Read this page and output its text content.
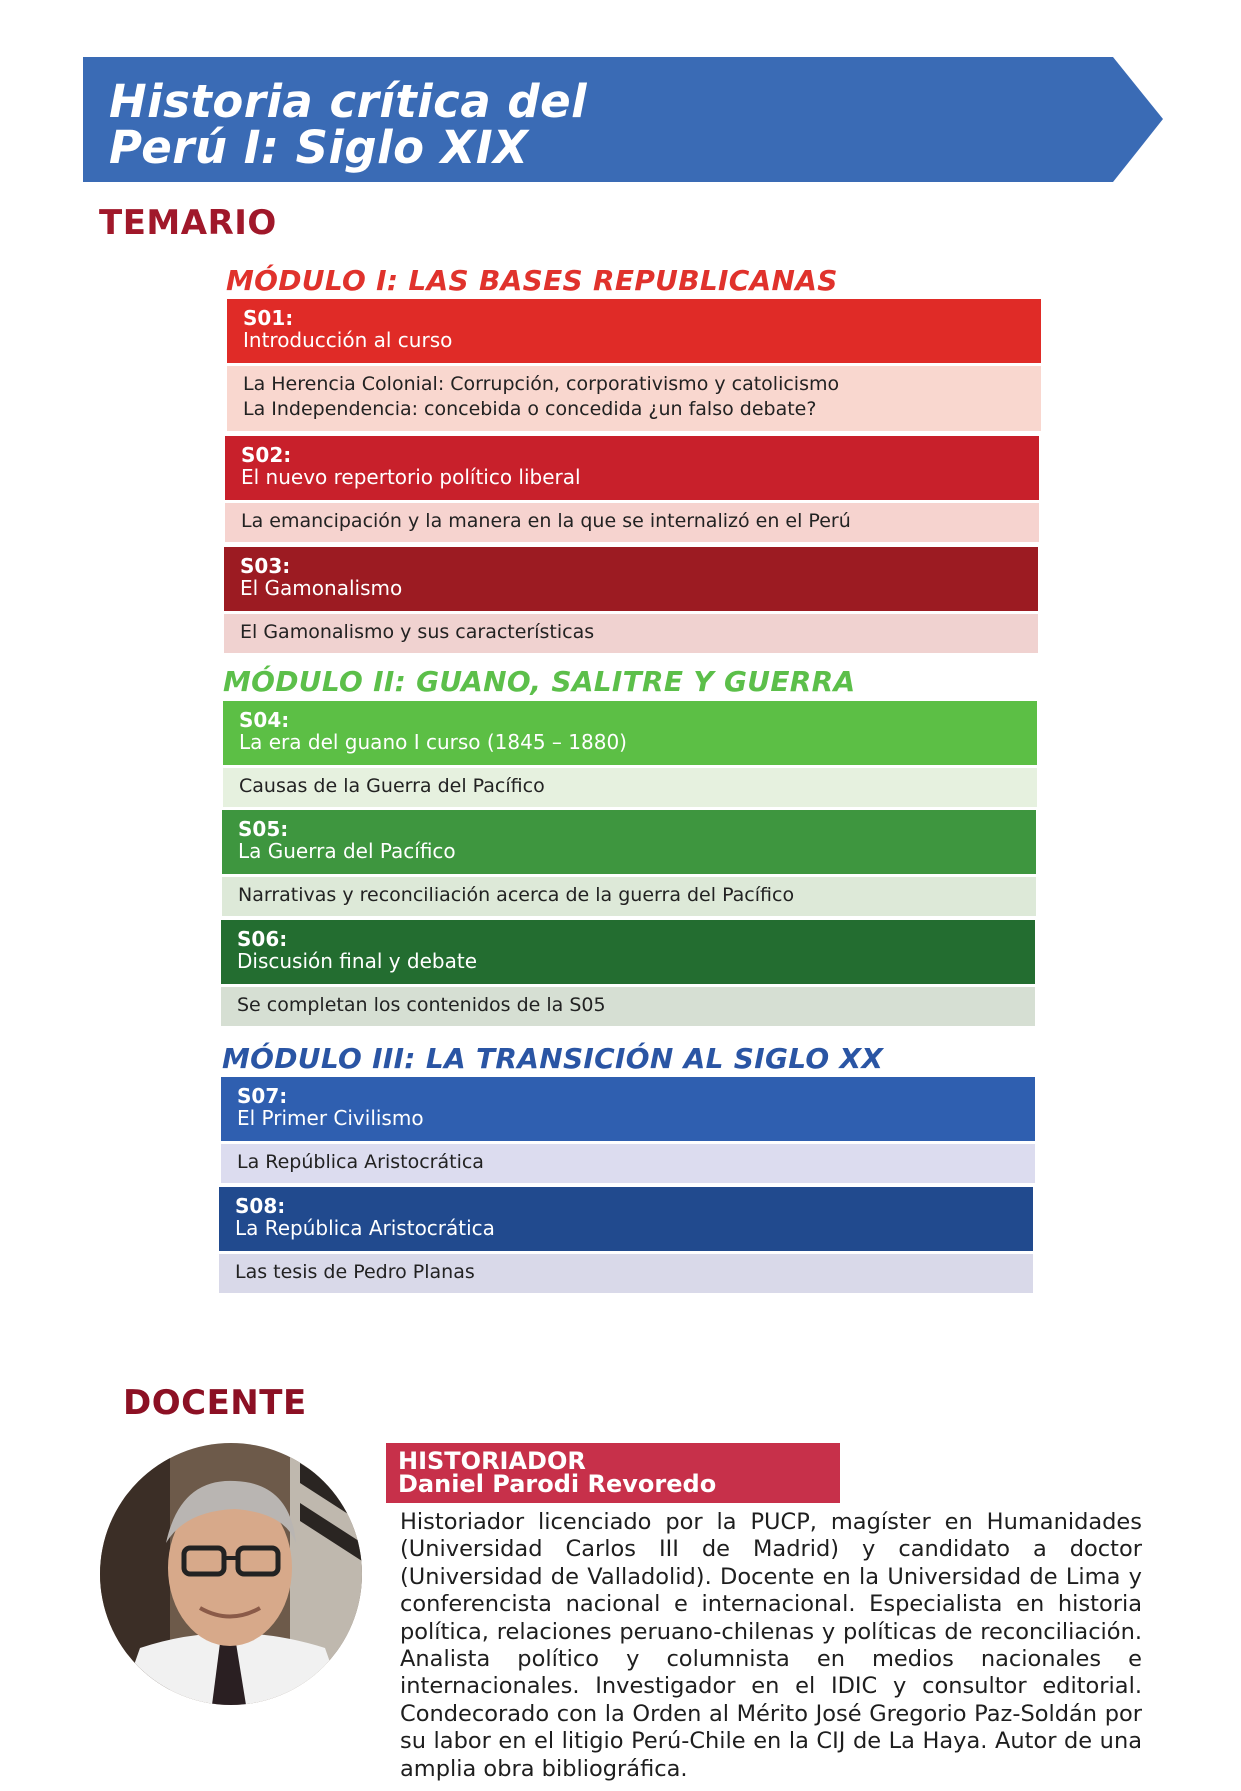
Historia crítica del
Perú I: Siglo XIX
TEMARIO
MÓDULO I: LAS BASES REPUBLICANAS
S01:
Introducción al curso
La Herencia Colonial: Corrupción, corporativismo y catolicismo
La Independencia: concebida o concedida ¿un falso debate?
S02:
El nuevo repertorio político liberal
La emancipación y la manera en la que se internalizó en el Perú
S03:
El Gamonalismo
El Gamonalismo y sus características
MÓDULO II: GUANO, SALITRE Y GUERRA
S04:
La era del guano I curso (1845 – 1880)
Causas de la Guerra del Pacífico
S05:
La Guerra del Pacífico
Narrativas y reconciliación acerca de la guerra del Pacífico
S06:
Discusión final y debate
Se completan los contenidos de la S05
MÓDULO III: LA TRANSICIÓN AL SIGLO XX
S07:
El Primer Civilismo
La República Aristocrática
S08:
La República Aristocrática
Las tesis de Pedro Planas
DOCENTE
HISTORIADOR
Daniel Parodi Revoredo

Historiador licenciado por la PUCP, magíster en Humanidades (Universidad Carlos III de Madrid) y candidato a doctor (Universidad de Valladolid). Docente en la Universidad de Lima y conferencista nacional e internacional. Especialista en historia política, relaciones peruano-chilenas y políticas de reconciliación. Analista político y columnista en medios nacionales e internacionales. Investigador en el IDIC y consultor editorial. Condecorado con la Orden al Mérito José Gregorio Paz-Soldán por su labor en el litigio Perú-Chile en la CIJ de La Haya. Autor de una amplia obra bibliográfica.
